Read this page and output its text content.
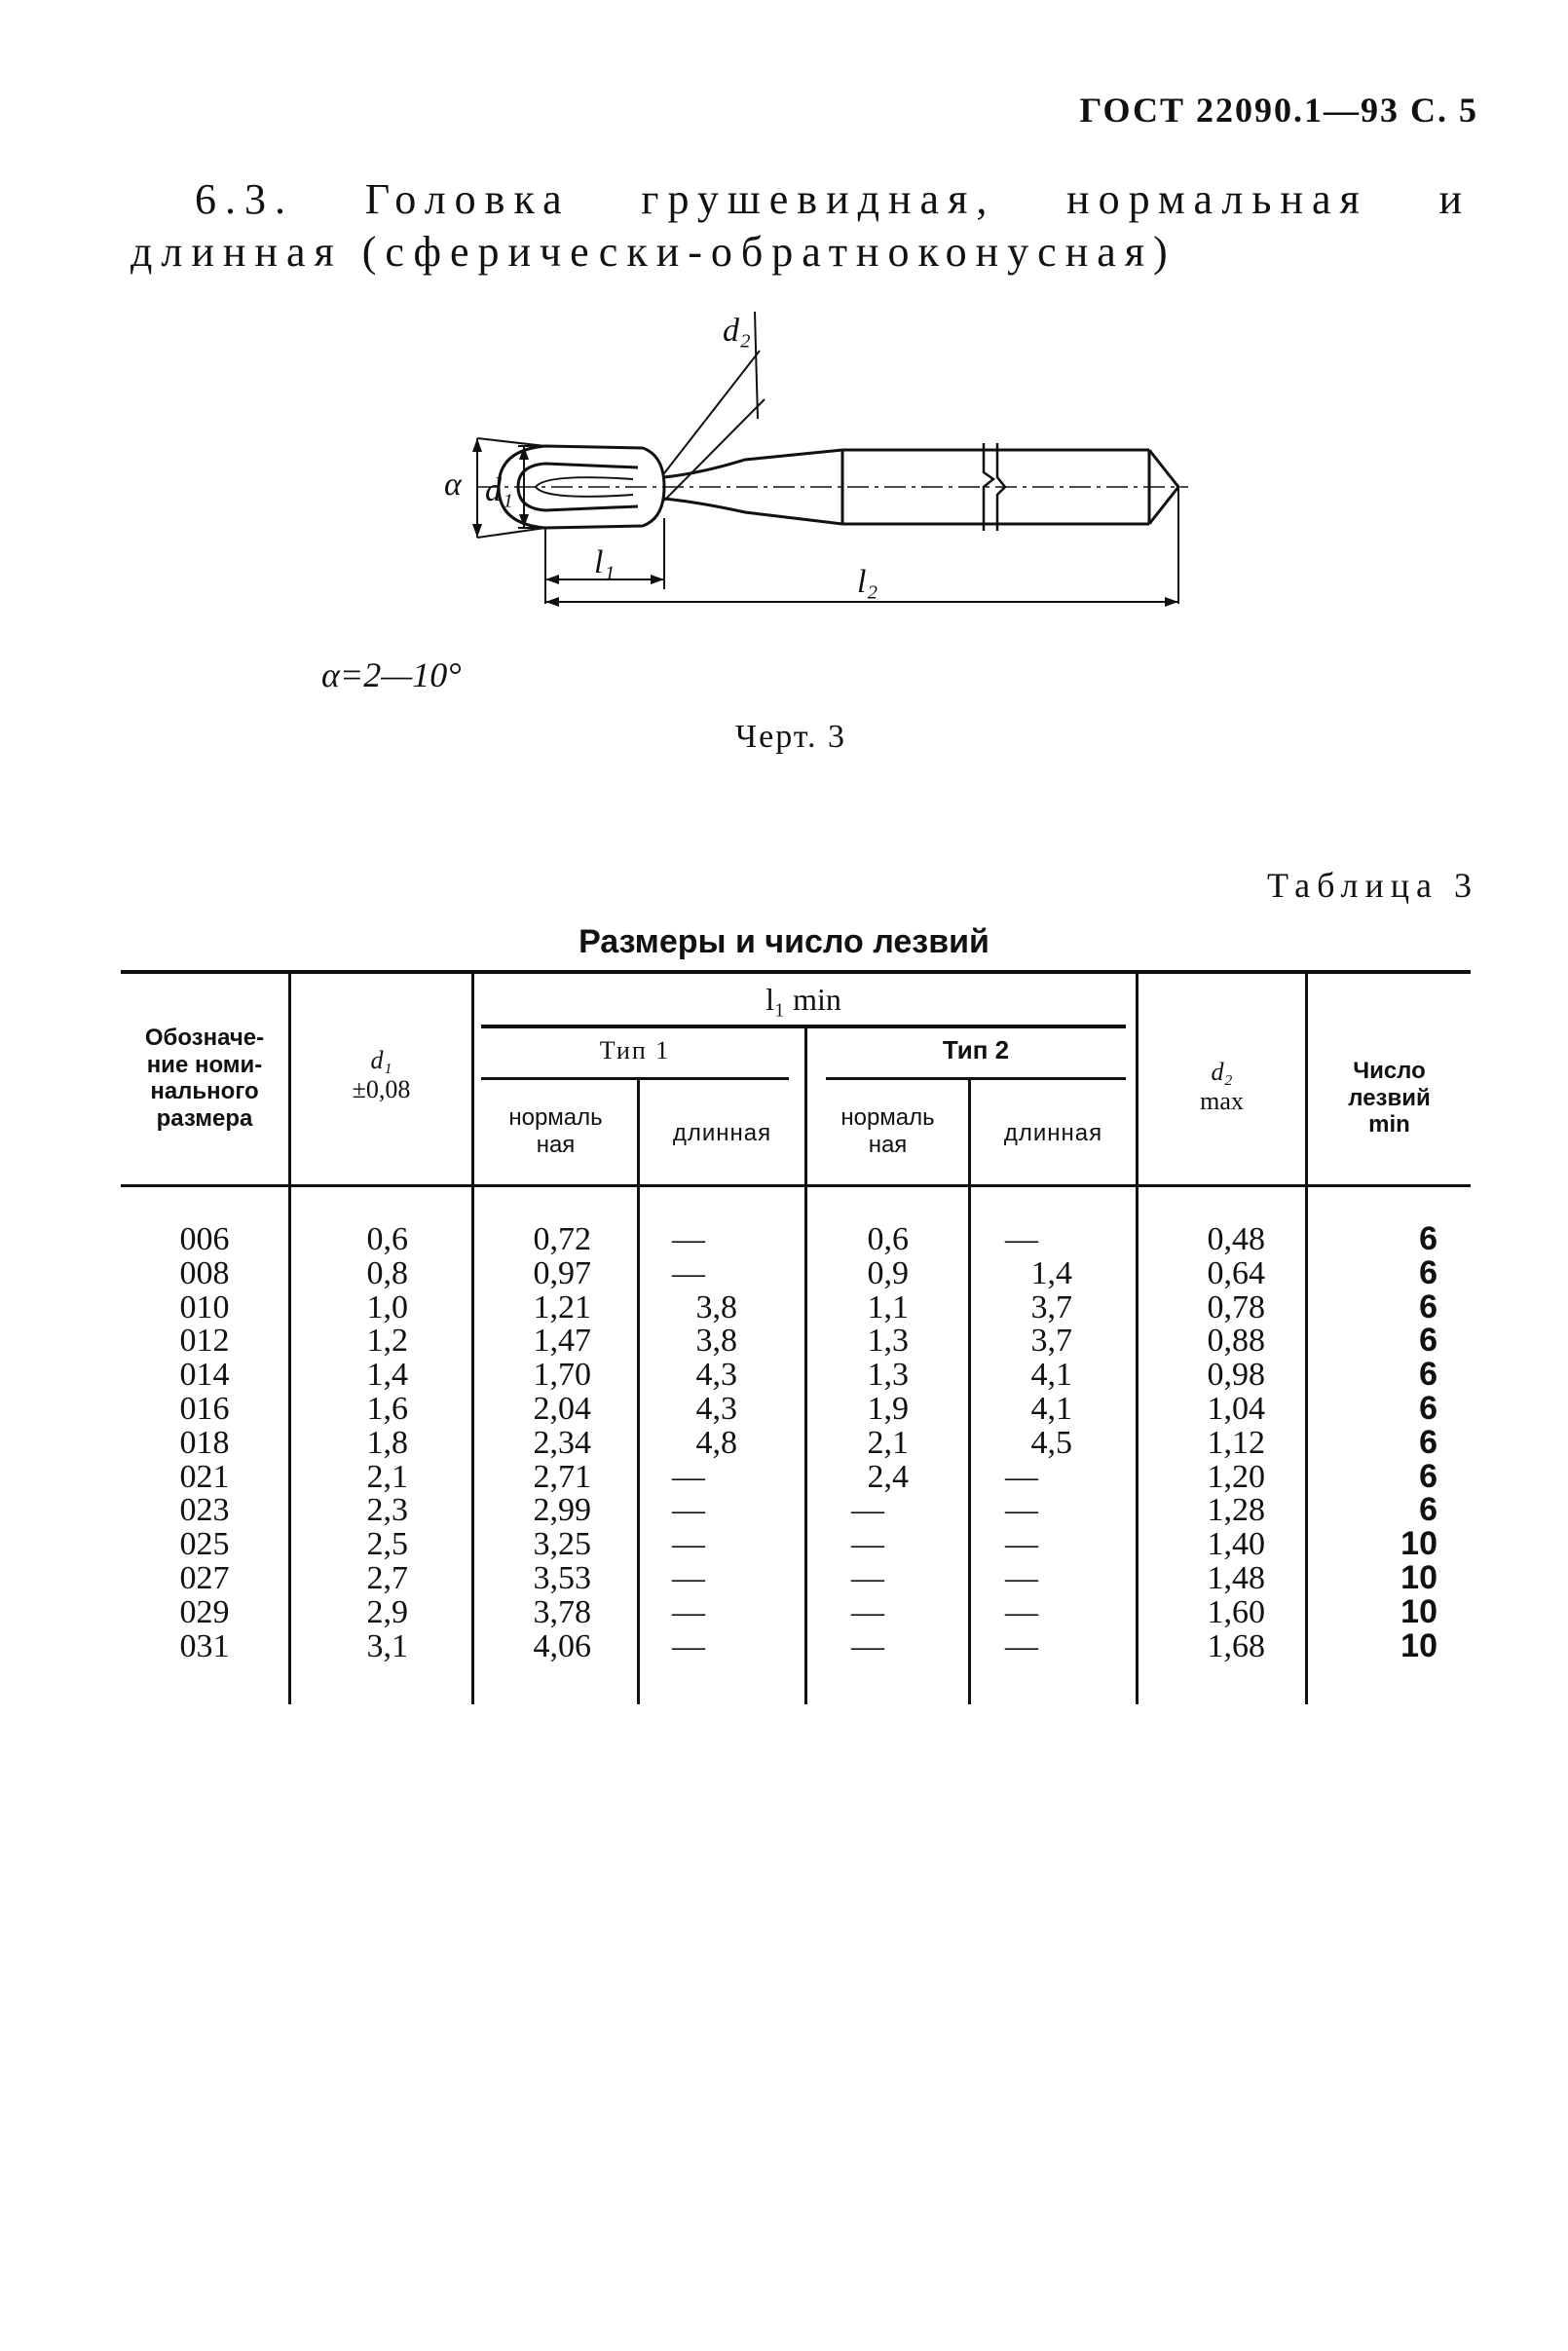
ГОСТ 22090.1—93 С. 5
6.3. Головка грушевидная, нормальная и
длинная (сферически-обратноконусная)
α d₁
d₂
l₁
l₂
α=2—10°
Черт. 3
Таблица 3
Размеры и число лезвий
Обозначе-
ние номи-
нального
размера
d₁
±0,08
l₁ min
Тип 1	Тип 2
нормаль
ная	длинная
нормаль
ная	длинная
d₂
max
Число
лезвий
min
006	0,6	0,72	—	0,6	—	0,48	6
008	0,8	0,97	—	0,9	1,4	0,64	6
010	1,0	1,21	3,8	1,1	3,7	0,78	6
012	1,2	1,47	3,8	1,3	3,7	0,88	6
014	1,4	1,70	4,3	1,3	4,1	0,98	6
016	1,6	2,04	4,3	1,9	4,1	1,04	6
018	1,8	2,34	4,8	2,1	4,5	1,12	6
021	2,1	2,71	—	2,4	—	1,20	6
023	2,3	2,99	—	—	—	1,28	6
025	2,5	3,25	—	—	—	1,40	10
027	2,7	3,53	—	—	—	1,48	10
029	2,9	3,78	—	—	—	1,60	10
031	3,1	4,06	—	—	—	1,68	10
